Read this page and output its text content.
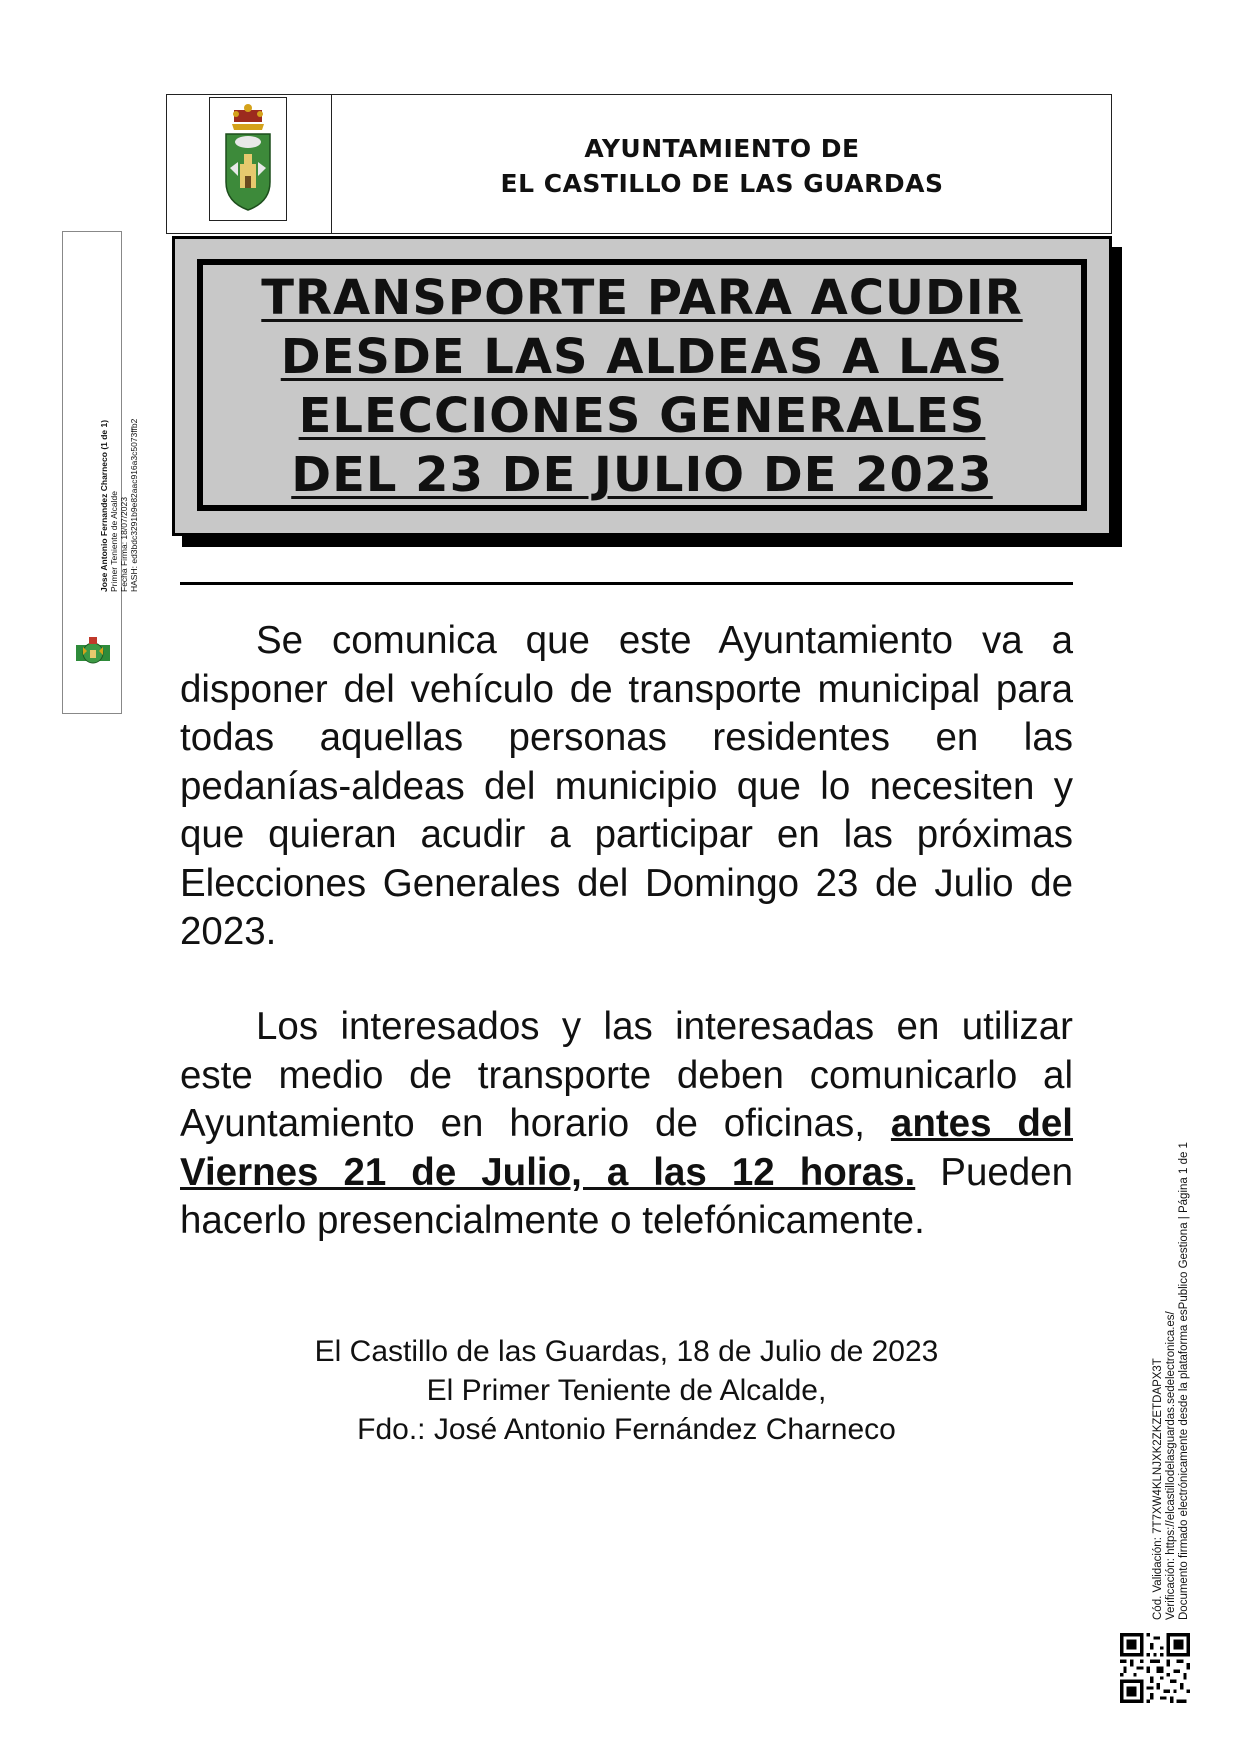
AYUNTAMIENTO DE
EL CASTILLO DE LAS GUARDAS
TRANSPORTE PARA ACUDIR
DESDE LAS ALDEAS A LAS
ELECCIONES GENERALES
DEL 23 DE JULIO DE 2023
Se comunica que este Ayuntamiento va a disponer del vehículo de transporte municipal para todas aquellas personas residentes en las pedanías-aldeas del municipio que lo necesiten y que quieran acudir a participar en las próximas Elecciones Generales del Domingo 23 de Julio de 2023.
Los interesados y las interesadas en utilizar este medio de transporte deben comunicarlo al Ayuntamiento en horario de oficinas, antes del Viernes 21 de Julio, a las 12 horas. Pueden hacerlo presencialmente o telefónicamente.
El Castillo de las Guardas, 18 de Julio de 2023
El Primer Teniente de Alcalde,
Fdo.: José Antonio Fernández Charneco
Jose Antonio Fernandez Charneco (1 de 1) Primer Teniente de Alcalde Fecha Firma: 18/07/2023 HASH: ed3bdc3291b9e82aac916a3c5073ffb2
Cód. Validación: 7T7XW4KLNJXK2ZKZETDAPX3T Verificación: https://elcastillodelasguardas.sedelectronica.es/ Documento firmado electrónicamente desde la plataforma esPublico Gestiona | Página 1 de 1
